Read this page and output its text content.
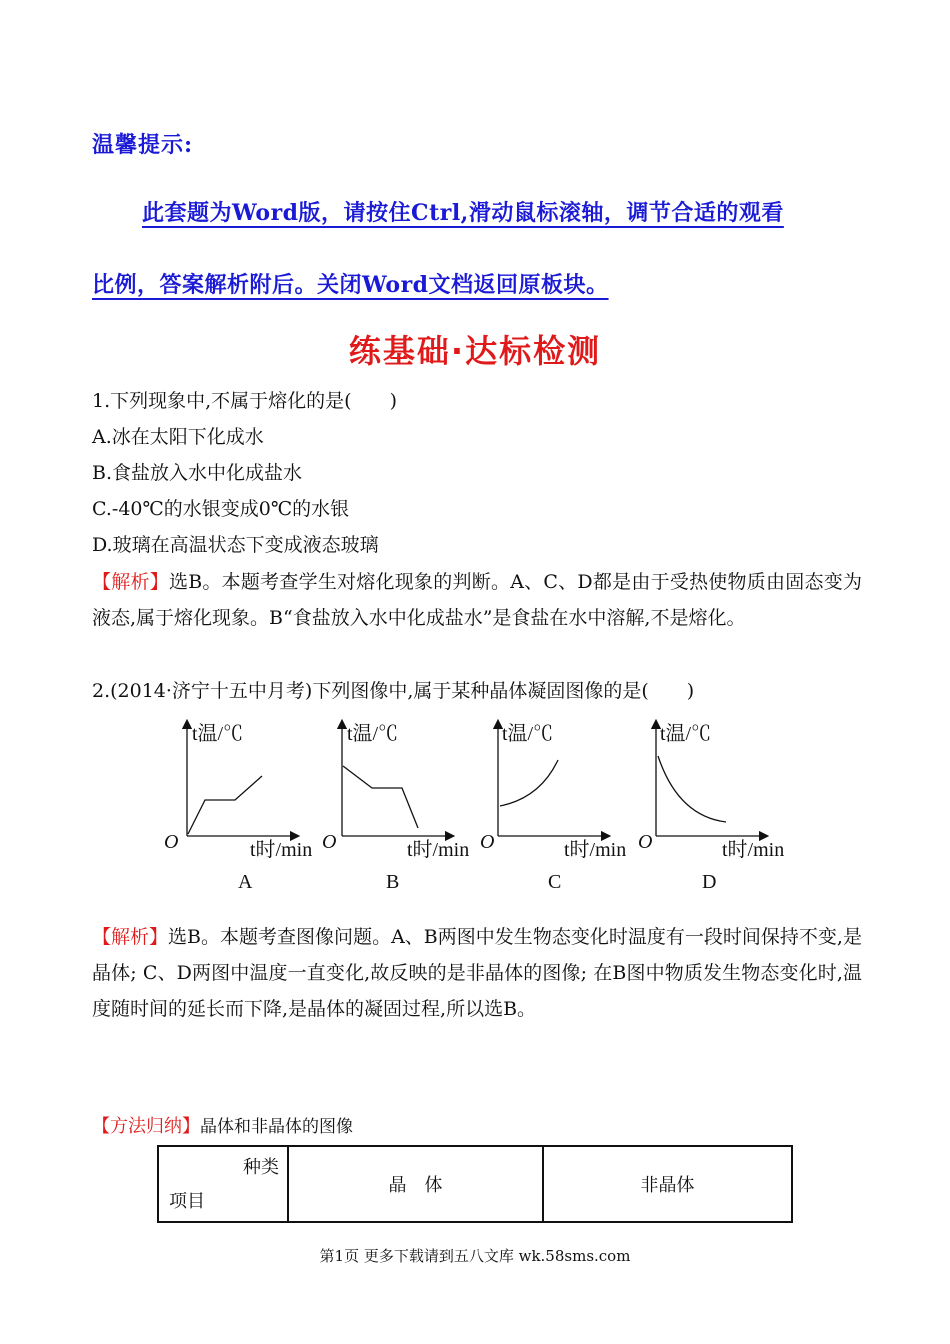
温馨提示:
此套题为Word版，请按住Ctrl,滑动鼠标滚轴，调节合适的观看
比例，答案解析附后。关闭Word文档返回原板块。
练基础·达标检测
1.下列现象中,不属于熔化的是(　　)
A.冰在太阳下化成水
B.食盐放入水中化成盐水
C.-40℃的水银变成0℃的水银
D.玻璃在高温状态下变成液态玻璃
【解析】选B。本题考查学生对熔化现象的判断。A、C、D都是由于受热使物质由固态变为液态,属于熔化现象。B“食盐放入水中化成盐水”是食盐在水中溶解,不是熔化。
2.(2014·济宁十五中月考)下列图像中,属于某种晶体凝固图像的是(　　)
t温/℃
O	t时/min
A
t温/℃
O	t时/min
B
t温/℃
O	t时/min
C
t温/℃
O	t时/min
D
【解析】选B。本题考查图像问题。A、B两图中发生物态变化时温度有一段时间保持不变,是晶体; C、D两图中温度一直变化,故反映的是非晶体的图像; 在B图中物质发生物态变化时,温度随时间的延长而下降,是晶体的凝固过程,所以选B。
【方法归纳】晶体和非晶体的图像
种类
项目
	晶　体	非晶体
第1页 更多下载请到五八文库 wk.58sms.com
